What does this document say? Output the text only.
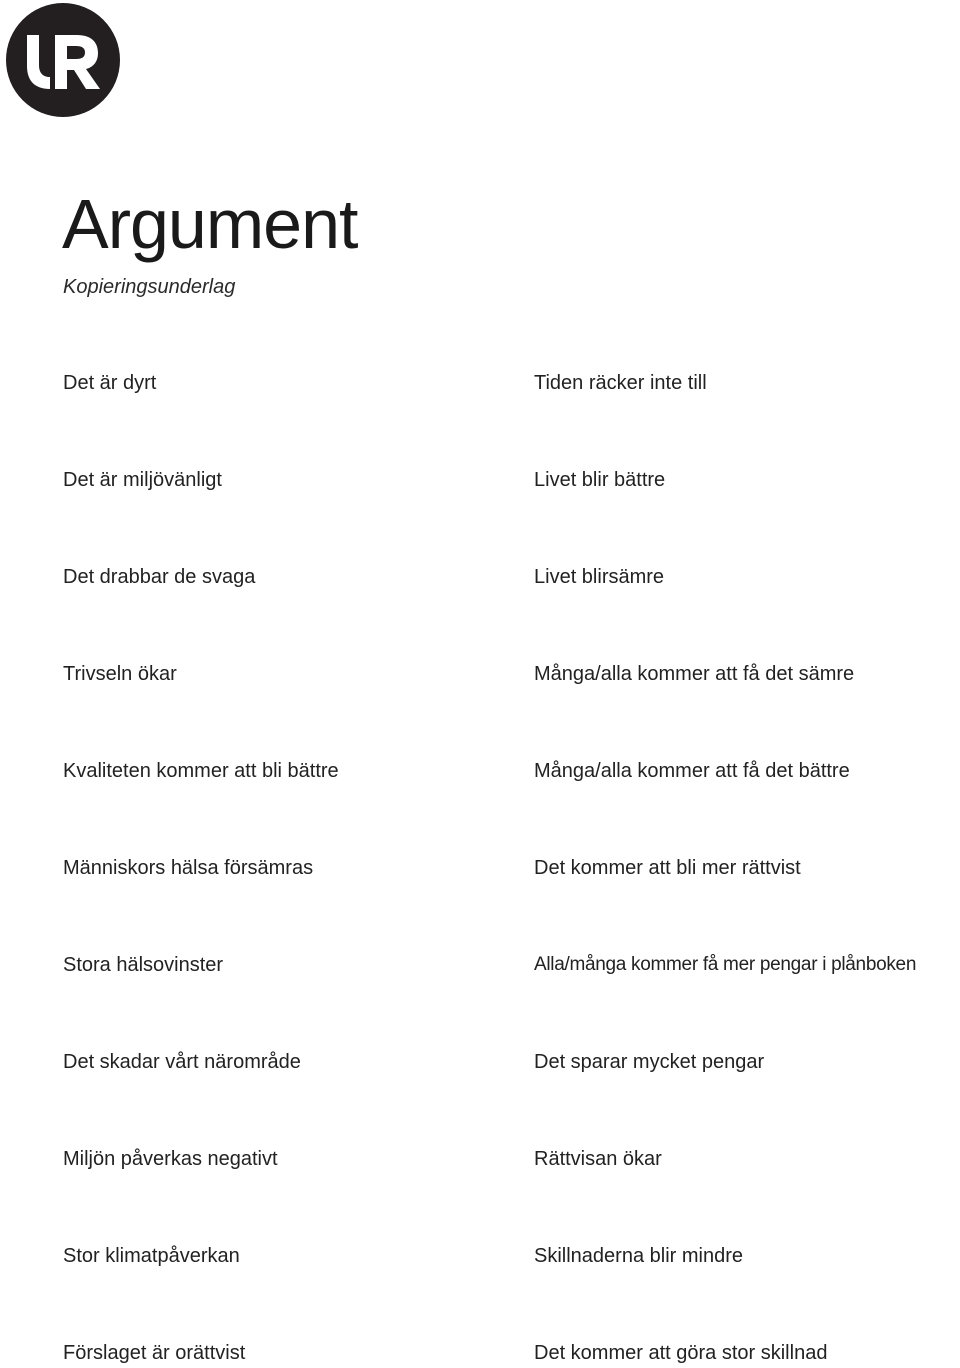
Argument

Kopieringsunderlag

Det är dyrt	Tiden räcker inte till
Det är miljövänligt	Livet blir bättre
Det drabbar de svaga	Livet blirsämre
Trivseln ökar	Många/alla kommer att få det sämre
Kvaliteten kommer att bli bättre	Många/alla kommer att få det bättre
Människors hälsa försämras	Det kommer att bli mer rättvist
Stora hälsovinster	Alla/många kommer få mer pengar i plånboken
Det skadar vårt närområde	Det sparar mycket pengar
Miljön påverkas negativt	Rättvisan ökar
Stor klimatpåverkan	Skillnaderna blir mindre
Förslaget är orättvist	Det kommer att göra stor skillnad
